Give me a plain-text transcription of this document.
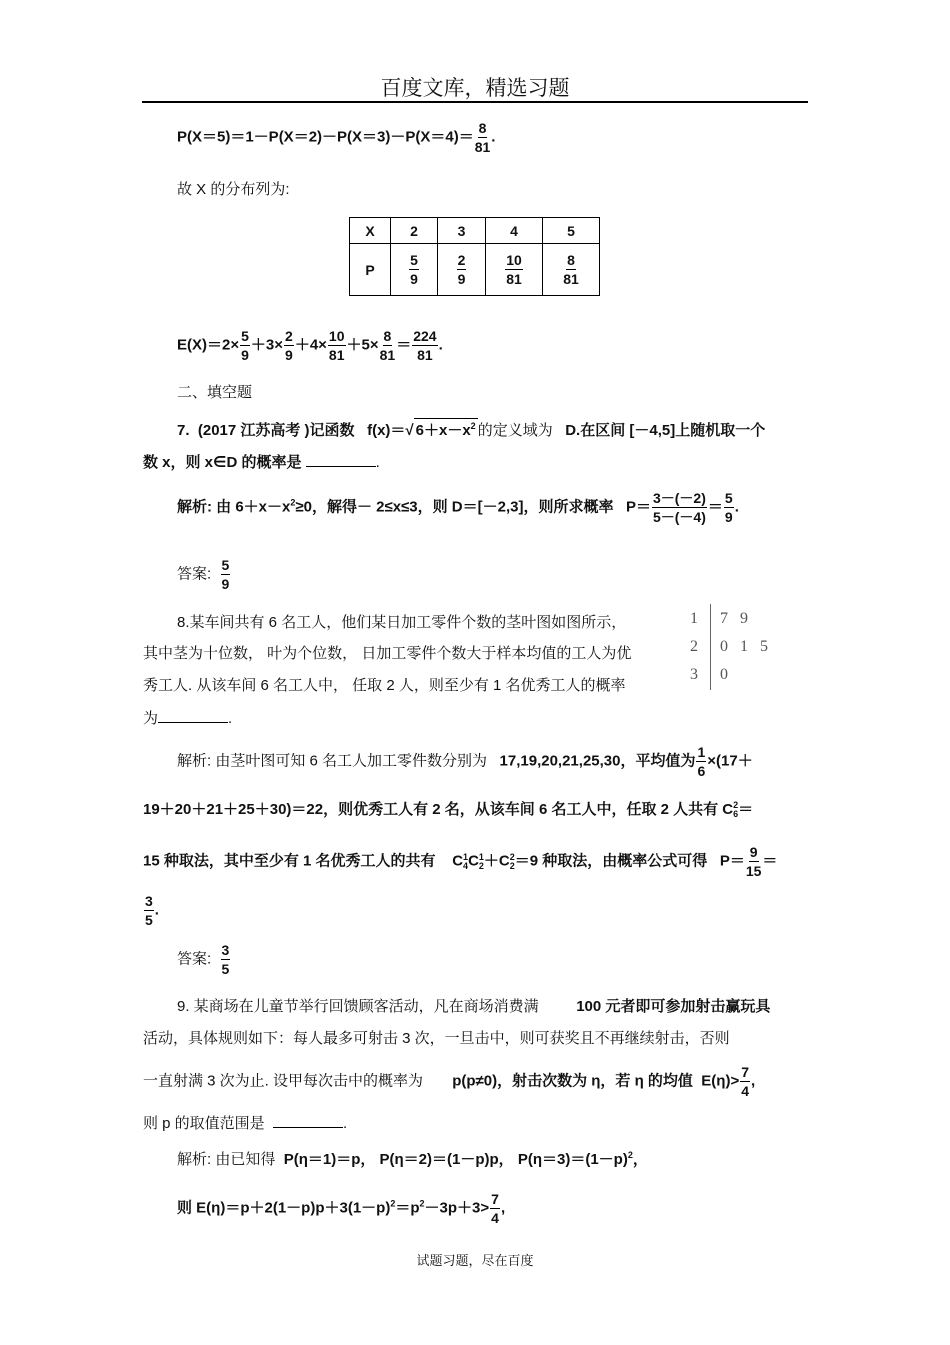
百度文库，精选习题
$P(X=5)=1-P(X=2)-P(X=3)-P(X=4)= \frac{8}{81}$ .
故 X 的分布列为:
X	2	3	4	5
P	$\frac{5}{9}$	$\frac{2}{9}$	$\frac{10}{81}$	$\frac{8}{81}$
$E(X)=2\times \frac{5}{9} +3\times \frac{2}{9} +4\times \frac{10}{81} +5\times \frac{8}{81} = \frac{224}{81}$ .
二、填空题
7. (2017 江苏高考 )记函数 f(x)＝√ $6+x-x^2$ 的定义域为 D.在区间 [－4,5]上随机取一个
数 x，则 x∈D 的概率是	.
解析: 由 $6+x-x^2\ge 0$，解得－ 2≤x≤3，则 D＝[－2,3]，则所求概率 $P= \frac{3-(-2)}{5-(-4)} = \frac{5}{9}$ .
答案: $\frac{5}{9}$
8.某车间共有 6 名工人，他们某日加工零件个数的茎叶图如图所示，
其中茎为十位数， 叶为个位数， 日加工零件个数大于样本均值的工人为优
秀工人. 从该车间 6 名工人中， 任取 2 人，则至少有 1 名优秀工人的概率
为	.
1 7   9
2 0   1   5
3 0
解析: 由茎叶图可知 6 名工人加工零件数分别为 17,19,20,21,25,30，平均值为 $\frac{1}{6} \times(17+$
19＋20＋21＋25＋30)＝22，则优秀工人有 2 名，从该车间 6 名工人中，任取 2 人共有 C 2
6 ＝
15 种取法，其中至少有 1 名优秀工人的共有 C 1
4 C 1
2 ＋C 2
2 ＝9 种取法，由概率公式可得 $P= \frac{9}{15}$ ＝
$\frac{3}{5}$ .
答案: $\frac{3}{5}$
9. 某商场在儿童节举行回馈顾客活动，凡在商场消费满	100 元者即可参加射击赢玩具
活动，具体规则如下：每人最多可射击 3 次，一旦击中，则可获奖且不再继续射击，否则
一直射满 3 次为止. 设甲每次击中的概率为 p(p≠0)，射击次数为 η，若 η 的均值 $E(\eta)> \frac{7}{4}$ ,
则 p 的取值范围是	.
解析: 由已知得 P(η＝1)＝p， P(η＝2)＝(1－p)p， $P(\eta=3)=(1-p)^2$，
则 $E(\eta)=p+2(1-p)p+3(1-p)^2=p^2-3p+3> \frac{7}{4}$ ,
试题习题，尽在百度
